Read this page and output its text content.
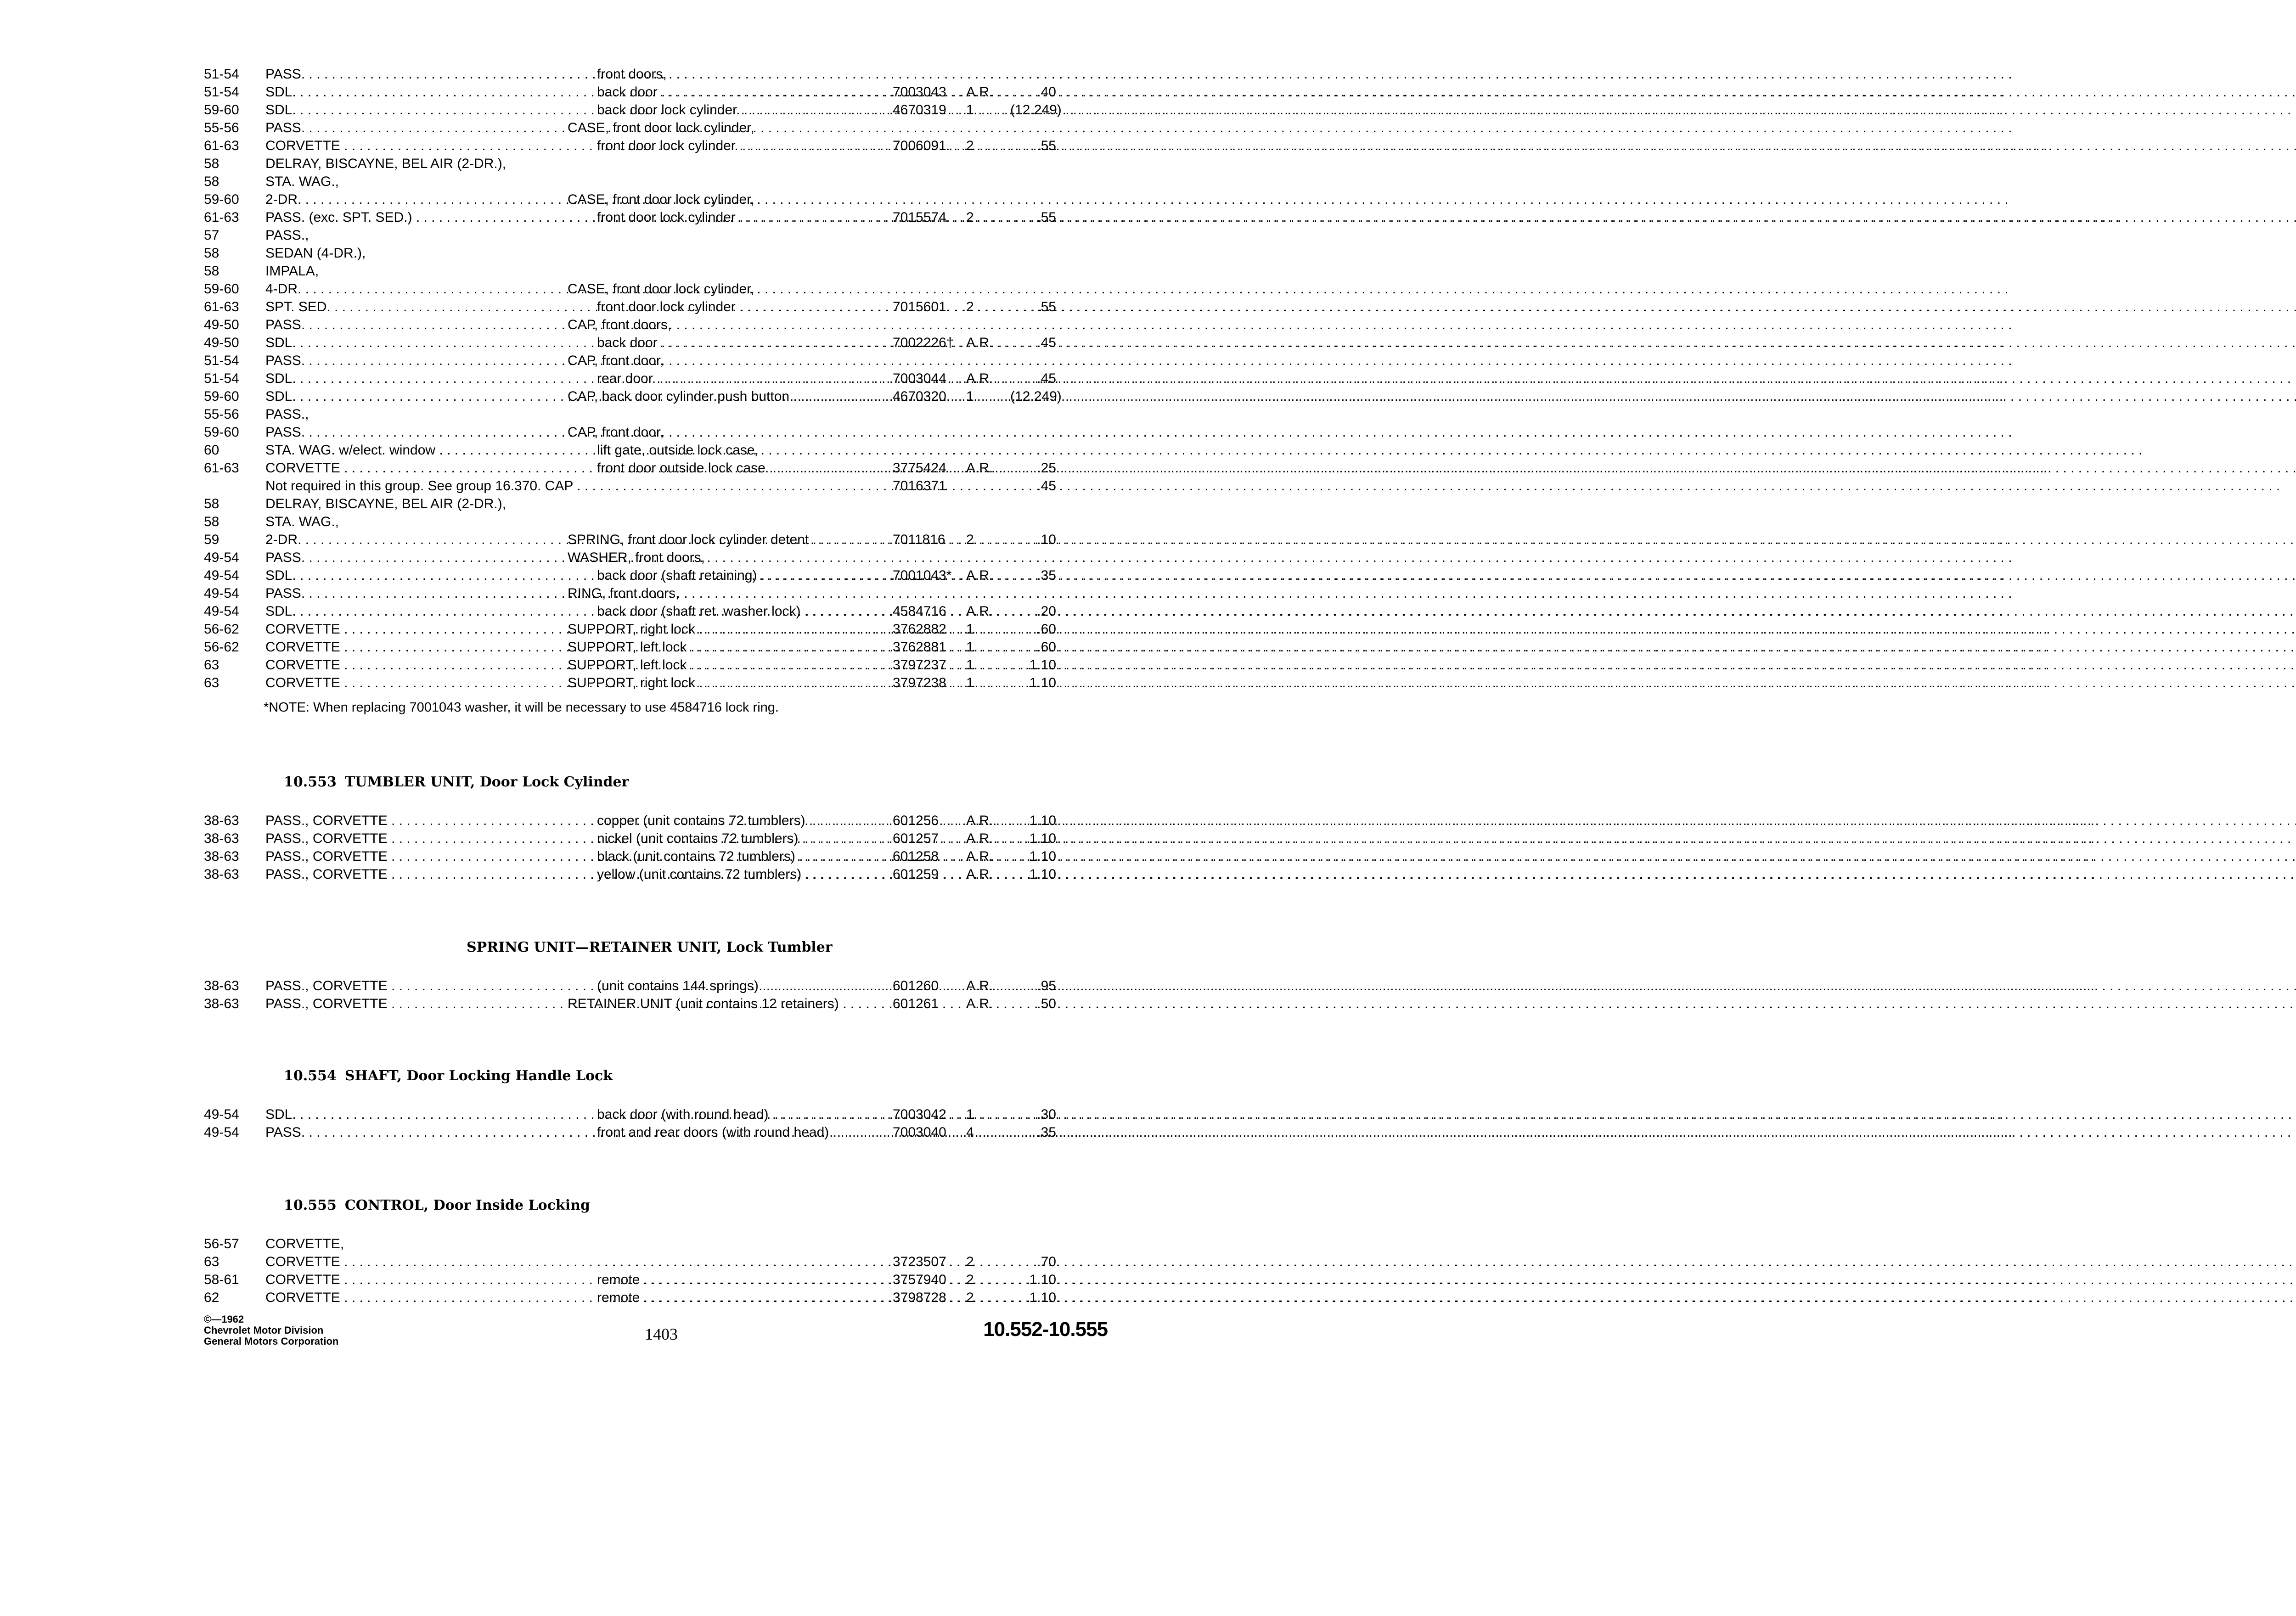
51-54	PASS. . . .	front doors,
51-54	SDL. . . .	back door . . .	7003043	A.R.	.40
59-60	SDL. . . .	back door lock cylinder . . .	4670319	1	(12.249)
55-56	PASS. . . .	CASE, front door lock cylinder,
61-63	CORVETTE . . .	front door lock cylinder . . .	7006091	2	.55
58	DELRAY, BISCAYNE, BEL AIR (2-DR.),
58	STA. WAG.,
59-60	2-DR. . . .	CASE, front door lock cylinder,
61-63	PASS. (exc. SPT. SED.) . . .	front door lock cylinder . . .	7015574	2	.55
57	PASS.,
58	SEDAN (4-DR.),
58	IMPALA,
59-60	4-DR. . . .	CASE, front door lock cylinder,
61-63	SPT. SED. . . .	front door lock cylinder . . .	7015601	2	.55
49-50	PASS. . . .	CAP, front doors,
49-50	SDL. . . .	back door . . .	7002226† A.R.	.45
51-54	PASS. . . .	CAP, front door,
51-54	SDL. . . .	rear door . . .	7003044	A.R.	.45
59-60	SDL. . . .	CAP, back door cylinder push button . . .	4670320	1	(12.249)
55-56	PASS.,
59-60	PASS. . . .	CAP, front door,
60	STA. WAG. w/elect. window . . .	lift gate, outside lock case,
61-63	CORVETTE . . .	front door outside lock case . . .	3775424	A.R.	.25
7016371	.45
58	DELRAY, BISCAYNE, BEL AIR (2-DR.),
58	STA. WAG.,
59	2-DR. . . .	SPRING, front door lock cylinder detent . . .	7011816	2	.10
49-54	PASS. . . .	WASHER, front doors,
49-54	SDL. . . .	back door (shaft retaining) . . .	7001043*	A.R.	.35
49-54	PASS. . . .	RING, front doors,
49-54	SDL. . . .	back door (shaft ret. washer lock) . . .	4584716	A.R.	.20
56-62	CORVETTE . . .	SUPPORT, right lock . . .	3762882	1	.60
56-62	CORVETTE . . .	SUPPORT, left lock . . .	3762881	1	.60
63	CORVETTE . . .	SUPPORT, left lock . . .	3797237	1	1.10
63	CORVETTE . . .	SUPPORT, right lock . . .	3797238	1	1.10
Not required in this group. See group 16.370. CAP . . .
*NOTE: When replacing 7001043 washer, it will be necessary to use 4584716 lock ring.
10.553 TUMBLER UNIT, Door Lock Cylinder
38-63	PASS., CORVETTE . . .	copper (unit contains 72 tumblers) . . .	601256	A.R.	1.10
38-63	PASS., CORVETTE . . .	nickel (unit contains 72 tumblers) . . .	601257	A.R.	1.10
38-63	PASS., CORVETTE . . .	black (unit contains 72 tumblers) . . .	601258	A.R.	1.10
38-63	PASS., CORVETTE . . .	yellow (unit contains 72 tumblers) . . .	601259	A.R.	1.10
SPRING UNIT—RETAINER UNIT, Lock Tumbler
38-63	PASS., CORVETTE . . .	(unit contains 144 springs) . . .	601260	A.R.	.95
38-63	PASS., CORVETTE . . .	RETAINER UNIT (unit contains 12 retainers) . . .	601261	A.R.	.50
10.554 SHAFT, Door Locking Handle Lock
49-54	SDL. . . .	back door (with round head) . . .	7003042	1	.30
49-54	PASS. . . .	front and rear doors (with round head) . . .	7003040	4	.35
10.555 CONTROL, Door Inside Locking
56-57	CORVETTE,
63	CORVETTE . . .
. . .	3723507	2	.70
58-61	CORVETTE . . .	remote . . .	3757940	2	1.10
62	CORVETTE . . .	remote . . .	3798728	2	1.10
©—1962
Chevrolet Motor Division
General Motors Corporation	1403	10.552-10.555
